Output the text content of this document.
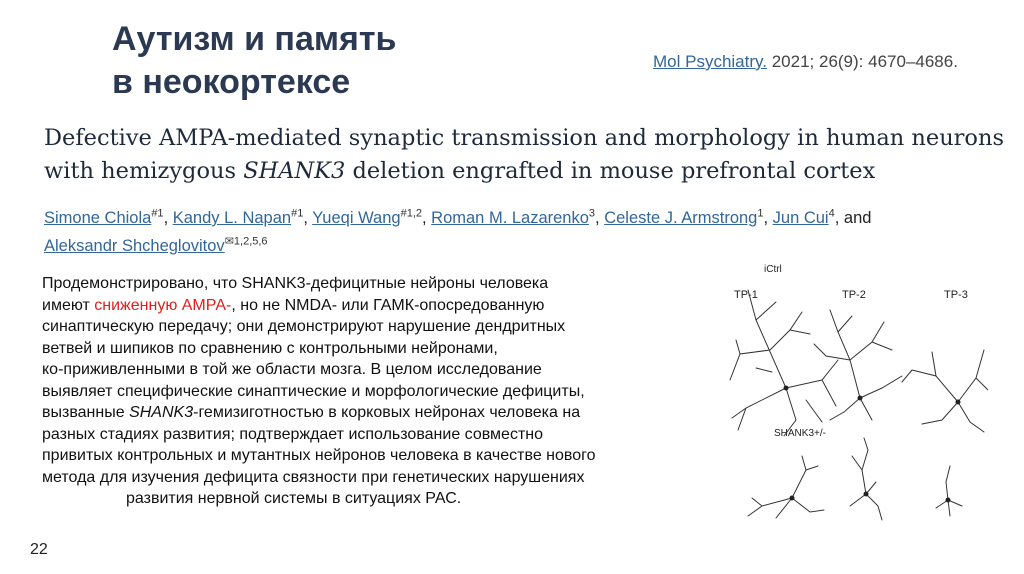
Аутизм и память
в неокортексе
Mol Psychiatry. 2021; 26(9): 4670–4686.
Defective AMPA-mediated synaptic transmission and morphology in human neurons
with hemizygous SHANK3 deletion engrafted in mouse prefrontal cortex
Simone Chiola$^{\#1}$, Kandy L. Napan$^{\#1}$, Yueqi Wang$^{\#1,2}$, Roman M. Lazarenko$^3$, Celeste J. Armstrong$^1$, Jun Cui$^4$, and
Aleksandr Shcheglovitov$^{✉1,2,5,6}$
Продемонстрировано, что SHANK3-дефицитные нейроны человека
имеют сниженную АМРА-, но не NMDA- или ГАМК-опосредованную
синаптическую передачу; они демонстрируют нарушение дендритных
ветвей и шипиков по сравнению с контрольными нейронами,
ко-приживленными в той же области мозга. В целом исследование
выявляет специфические синаптические и морфологические дефициты,
вызванные SHANK3-гемизиготностью в корковых нейронах человека на
разных стадиях развития; подтверждает использование совместно
привитых контрольных и мутантных нейронов человека в качестве нового
метода для изучения дефицита связности при генетических нарушениях
развития нервной системы в ситуациях РАС.
iCtrl
TP-1	TP-2	TP-3
SHANK3+/-
22
